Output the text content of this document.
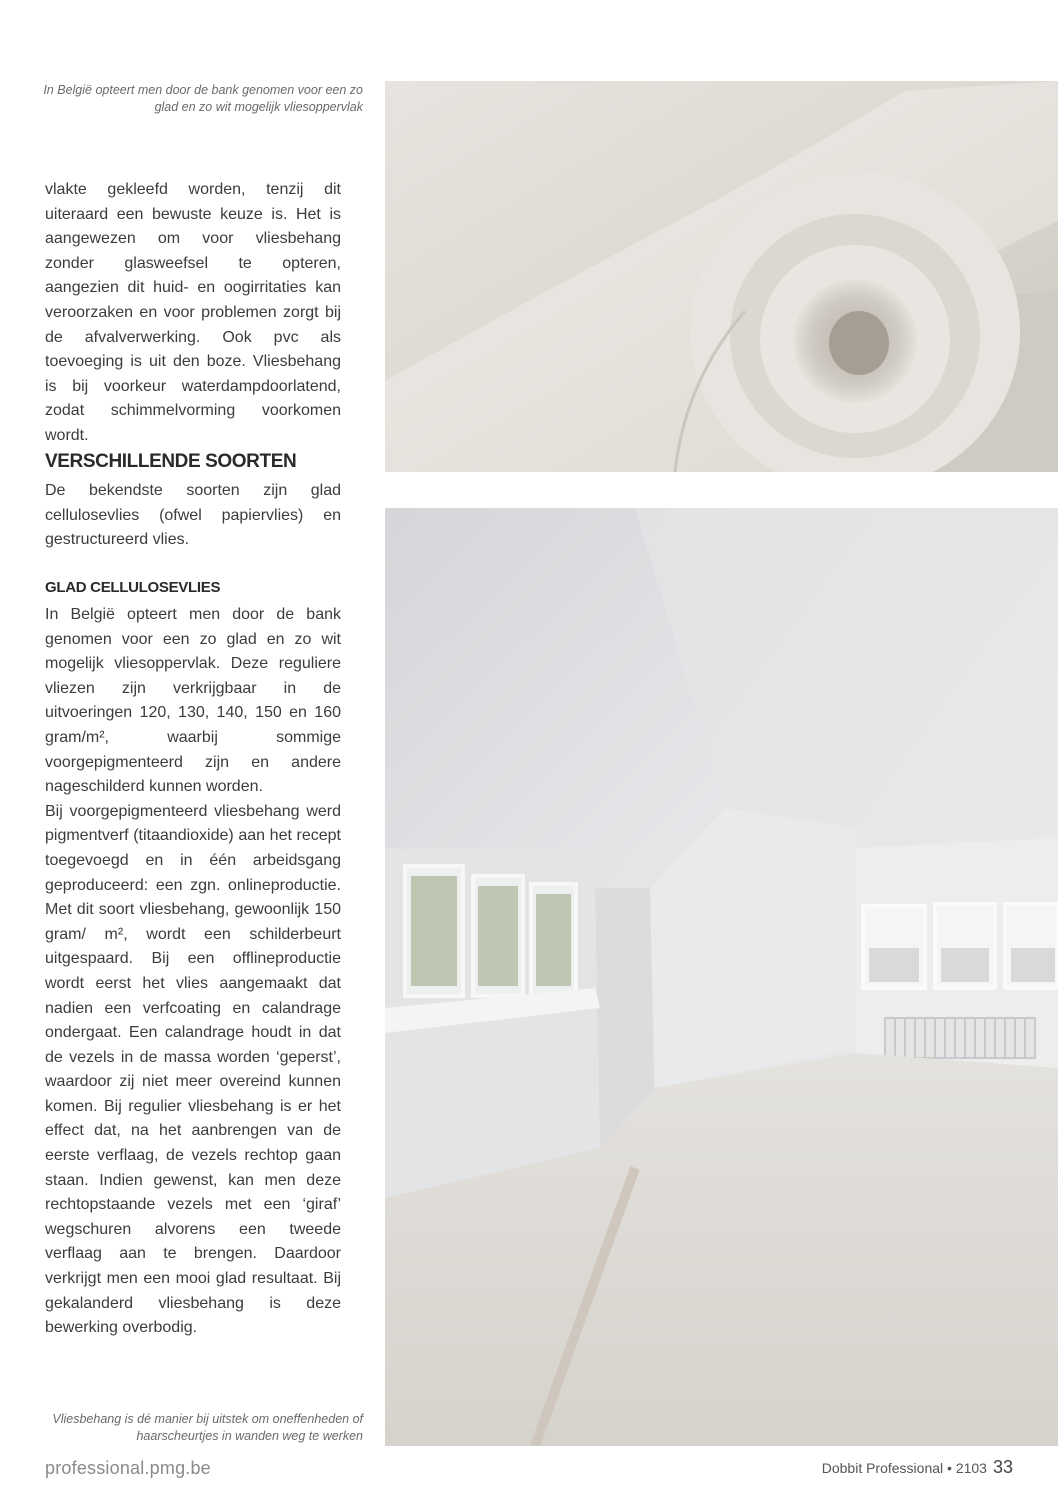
In België opteert men door de bank genomen voor een zo glad en zo wit mogelijk vliesoppervlak

vlakte gekleefd worden, tenzij dit uiteraard een bewuste keuze is. Het is aangewezen om voor vliesbehang zonder glasweefsel te opteren, aangezien dit huid- en oogirritaties kan veroorzaken en voor problemen zorgt bij de afvalverwerking. Ook pvc als toevoeging is uit den boze. Vliesbehang is bij voorkeur waterdampdoorlatend, zodat schimmelvorming voorkomen wordt.

VERSCHILLENDE SOORTEN

De bekendste soorten zijn glad cellulosevlies (ofwel papiervlies) en gestructureerd vlies.

GLAD CELLULOSEVLIES

In België opteert men door de bank genomen voor een zo glad en zo wit mogelijk vliesoppervlak. Deze reguliere vliezen zijn verkrijgbaar in de uitvoeringen 120, 130, 140, 150 en 160 gram/m², waarbij sommige voorgepigmenteerd zijn en andere nageschilderd kunnen worden.

Bij voorgepigmenteerd vliesbehang werd pigmentverf (titaandioxide) aan het recept toegevoegd en in één arbeidsgang geproduceerd: een zgn. onlineproductie. Met dit soort vliesbehang, gewoonlijk 150 gram/ m², wordt een schilderbeurt uitgespaard. Bij een offlineproductie wordt eerst het vlies aangemaakt dat nadien een verfcoating en calandrage ondergaat. Een calandrage houdt in dat de vezels in de massa worden ‘geperst’, waardoor zij niet meer overeind kunnen komen. Bij regulier vliesbehang is er het effect dat, na het aanbrengen van de eerste verflaag, de vezels rechtop gaan staan. Indien gewenst, kan men deze rechtopstaande vezels met een ‘giraf’ wegschuren alvorens een tweede verflaag aan te brengen. Daardoor verkrijgt men een mooi glad resultaat. Bij gekalanderd vliesbehang is deze bewerking overbodig.

Vliesbehang is dé manier bij uitstek om oneffenheden of haarscheurtjes in wanden weg te werken

professional.pmg.be	Dobbit Professional • 2103 33
